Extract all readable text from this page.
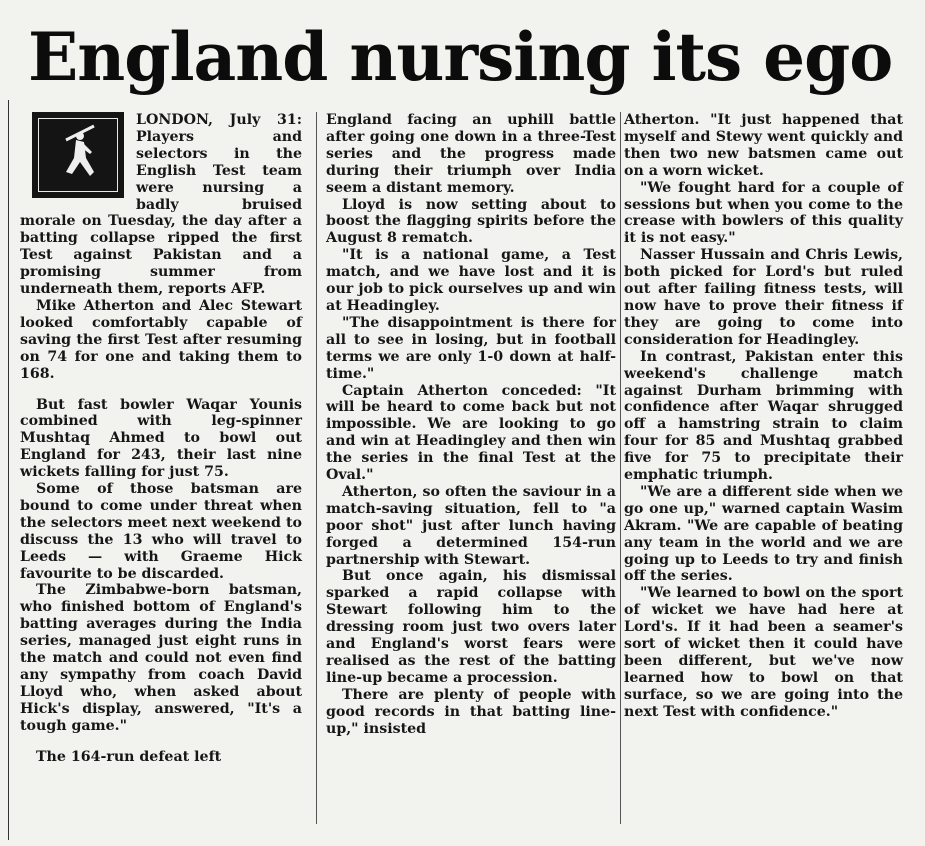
England nursing its ego

LONDON, July 31: Players and selectors in the English Test team were nursing a badly bruised morale on Tuesday, the day after a batting collapse ripped the first Test against Pakistan and a promising summer from underneath them, reports AFP.

Mike Atherton and Alec Stewart looked comfortably capable of saving the first Test after resuming on 74 for one and taking them to 168.

But fast bowler Waqar Younis combined with leg-spinner Mushtaq Ahmed to bowl out England for 243, their last nine wickets falling for just 75.

Some of those batsman are bound to come under threat when the selectors meet next weekend to discuss the 13 who will travel to Leeds — with Graeme Hick favourite to be discarded.

The Zimbabwe-born batsman, who finished bottom of England's batting averages during the India series, managed just eight runs in the match and could not even find any sympathy from coach David Lloyd who, when asked about Hick's display, answered, "It's a tough game."

The 164-run defeat left

England facing an uphill battle after going one down in a three-Test series and the progress made during their triumph over India seem a distant memory.

Lloyd is now setting about to boost the flagging spirits before the August 8 rematch.

"It is a national game, a Test match, and we have lost and it is our job to pick ourselves up and win at Headingley.

"The disappointment is there for all to see in losing, but in football terms we are only 1-0 down at half-time."

Captain Atherton conceded: "It will be heard to come back but not impossible. We are looking to go and win at Headingley and then win the series in the final Test at the Oval."

Atherton, so often the saviour in a match-saving situation, fell to "a poor shot" just after lunch having forged a determined 154-run partnership with Stewart.

But once again, his dismissal sparked a rapid collapse with Stewart following him to the dressing room just two overs later and England's worst fears were realised as the rest of the batting line-up became a procession.

There are plenty of people with good records in that batting line-up," insisted

Atherton. "It just happened that myself and Stewy went quickly and then two new batsmen came out on a worn wicket.

"We fought hard for a couple of sessions but when you come to the crease with bowlers of this quality it is not easy."

Nasser Hussain and Chris Lewis, both picked for Lord's but ruled out after failing fitness tests, will now have to prove their fitness if they are going to come into consideration for Headingley.

In contrast, Pakistan enter this weekend's challenge match against Durham brimming with confidence after Waqar shrugged off a hamstring strain to claim four for 85 and Mushtaq grabbed five for 75 to precipitate their emphatic triumph.

"We are a different side when we go one up," warned captain Wasim Akram. "We are capable of beating any team in the world and we are going up to Leeds to try and finish off the series.

"We learned to bowl on the sport of wicket we have had here at Lord's. If it had been a seamer's sort of wicket then it could have been different, but we've now learned how to bowl on that surface, so we are going into the next Test with confidence."
